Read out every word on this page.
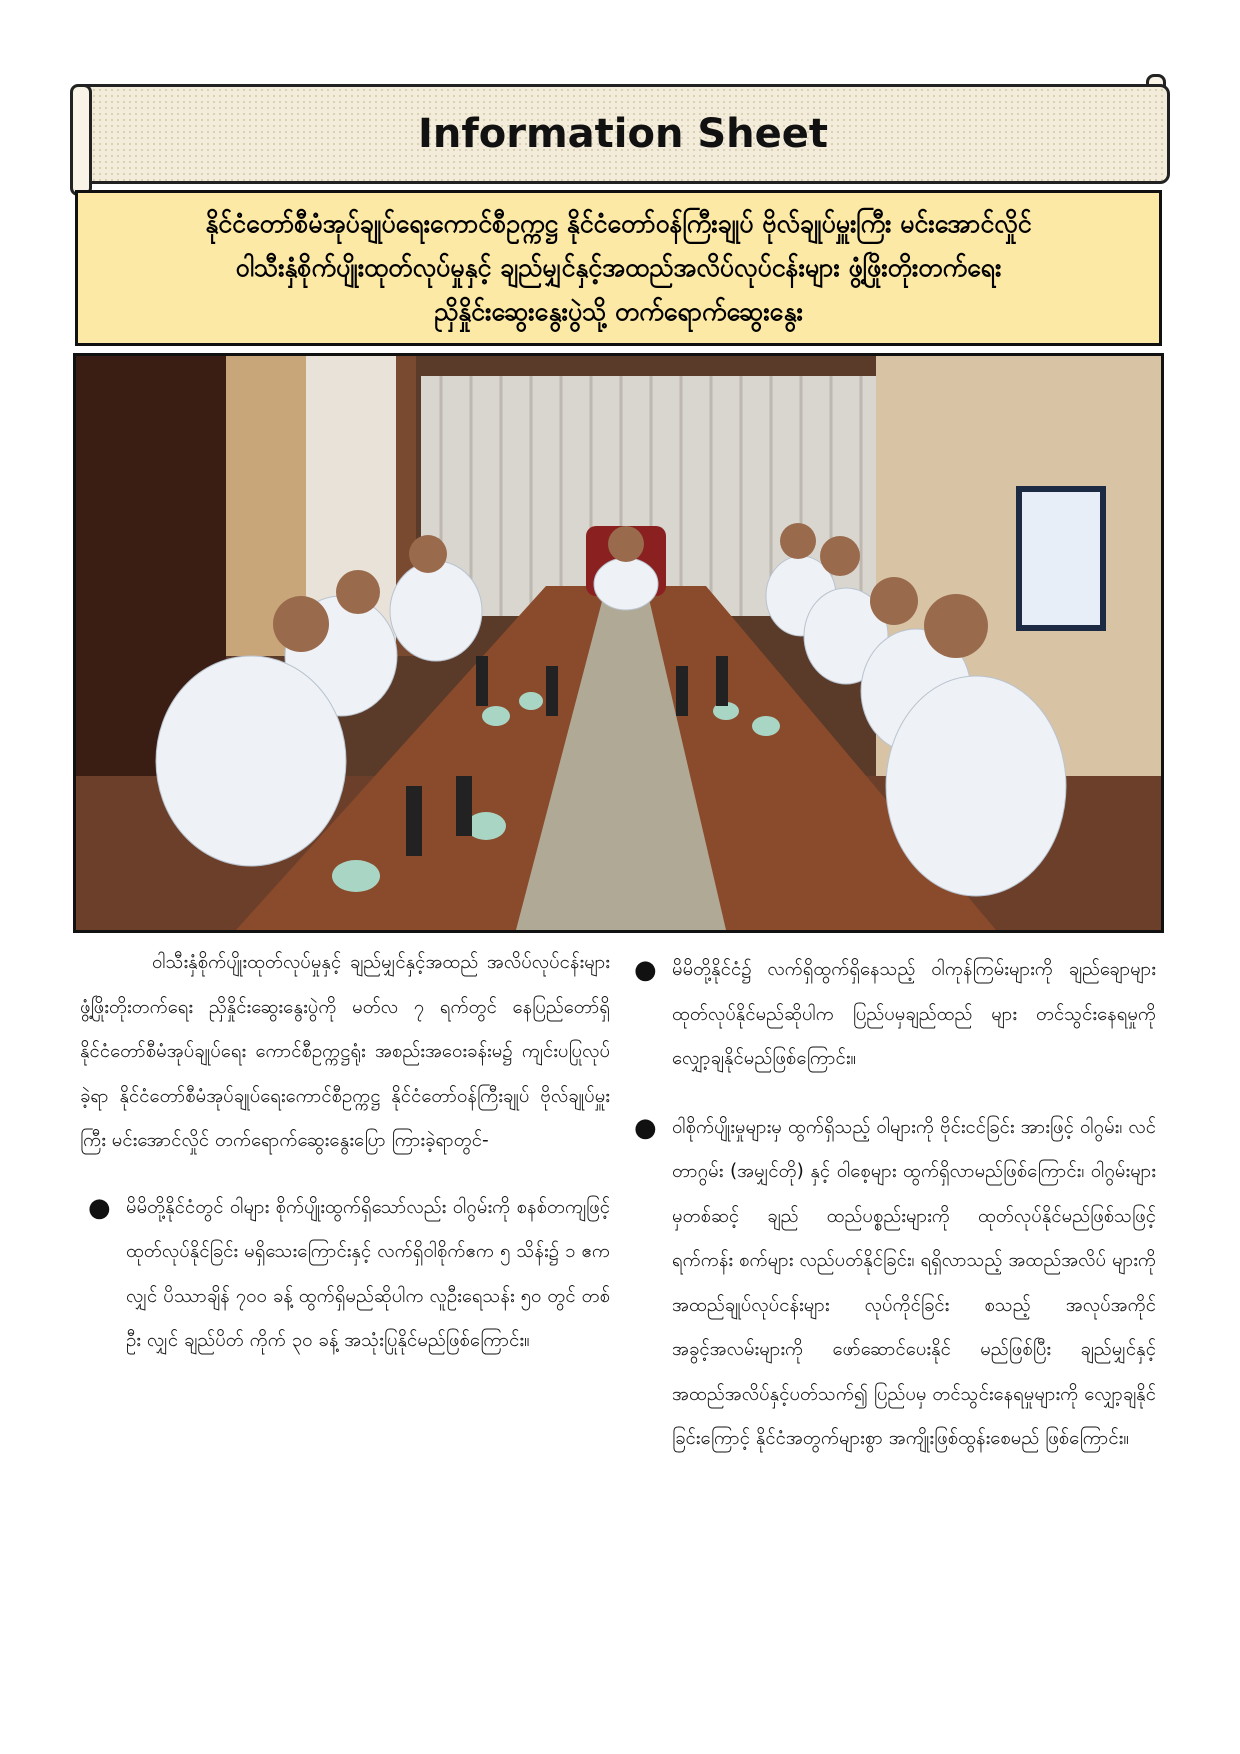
Information Sheet
နိုင်ငံတော်စီမံအုပ်ချုပ်ရေးကောင်စီဥက္ကဋ္ဌ နိုင်ငံတော်ဝန်ကြီးချုပ် ဗိုလ်ချုပ်မှူးကြီး မင်းအောင်လှိုင်
ဝါသီးနှံစိုက်ပျိုးထုတ်လုပ်မှုနှင့် ချည်မျှင်နှင့်အထည်အလိပ်လုပ်ငန်းများ ဖွံ့ဖြိုးတိုးတက်ရေး
ညှိနှိုင်းဆွေးနွေးပွဲသို့ တက်ရောက်ဆွေးနွေး

ဝါသီးနှံစိုက်ပျိုးထုတ်လုပ်မှုနှင့် ချည်မျှင်နှင့်အထည် အလိပ်လုပ်ငန်းများ ဖွံ့ဖြိုးတိုးတက်ရေး ညှိနှိုင်းဆွေးနွေးပွဲကို မတ်လ ၇ ရက်တွင် နေပြည်တော်ရှိ နိုင်ငံတော်စီမံအုပ်ချုပ်ရေး ကောင်စီဥက္ကဋ္ဌရုံး အစည်းအဝေးခန်းမ၌ ကျင်းပပြုလုပ်ခဲ့ရာ နိုင်ငံတော်စီမံအုပ်ချုပ်ရေးကောင်စီဥက္ကဋ္ဌ နိုင်ငံတော်ဝန်ကြီးချုပ် ဗိုလ်ချုပ်မှူးကြီး မင်းအောင်လှိုင် တက်ရောက်ဆွေးနွေးပြော ကြားခဲ့ရာတွင်-

● မိမိတို့နိုင်ငံတွင် ဝါများ စိုက်ပျိုးထွက်ရှိသော်လည်း ဝါဂွမ်းကို စနစ်တကျဖြင့် ထုတ်လုပ်နိုင်ခြင်း မရှိသေးကြောင်းနှင့် လက်ရှိဝါစိုက်ဧက ၅ သိန်း၌ ၁ ဧကလျှင် ပိဿာချိန် ၇၀၀ ခန့် ထွက်ရှိမည်ဆိုပါက လူဦးရေသန်း ၅၀ တွင် တစ်ဦး လျှင် ချည်ပိတ် ကိုက် ၃၀ ခန့် အသုံးပြုနိုင်မည်ဖြစ်ကြောင်း။
● မိမိတို့နိုင်ငံ၌ လက်ရှိထွက်ရှိနေသည့် ဝါကုန်ကြမ်းများကို ချည်ချောများ ထုတ်လုပ်နိုင်မည်ဆိုပါက ပြည်ပမှချည်ထည် များ တင်သွင်းနေရမှုကို လျှော့ချနိုင်မည်ဖြစ်ကြောင်း။
● ဝါစိုက်ပျိုးမှုများမှ ထွက်ရှိသည့် ဝါများကို ဗိုင်းငင်ခြင်း အားဖြင့် ဝါဂွမ်း၊ လင်တာဂွမ်း (အမျှင်တို) နှင့် ဝါစေ့များ ထွက်ရှိလာမည်ဖြစ်ကြောင်း၊ ဝါဂွမ်းများမှတစ်ဆင့် ချည် ထည်ပစ္စည်းများကို ထုတ်လုပ်နိုင်မည်ဖြစ်သဖြင့် ရက်ကန်း စက်များ လည်ပတ်နိုင်ခြင်း၊ ရရှိလာသည့် အထည်အလိပ် များကို အထည်ချုပ်လုပ်ငန်းများ လုပ်ကိုင်ခြင်း စသည့် အလုပ်အကိုင် အခွင့်အလမ်းများကို ဖော်ဆောင်ပေးနိုင် မည်ဖြစ်ပြီး ချည်မျှင်နှင့် အထည်အလိပ်နှင့်ပတ်သက်၍ ပြည်ပမှ တင်သွင်းနေရမှုများကို လျှော့ချနိုင်ခြင်းကြောင့် နိုင်ငံအတွက်များစွာ အကျိုးဖြစ်ထွန်းစေမည် ဖြစ်ကြောင်း။
